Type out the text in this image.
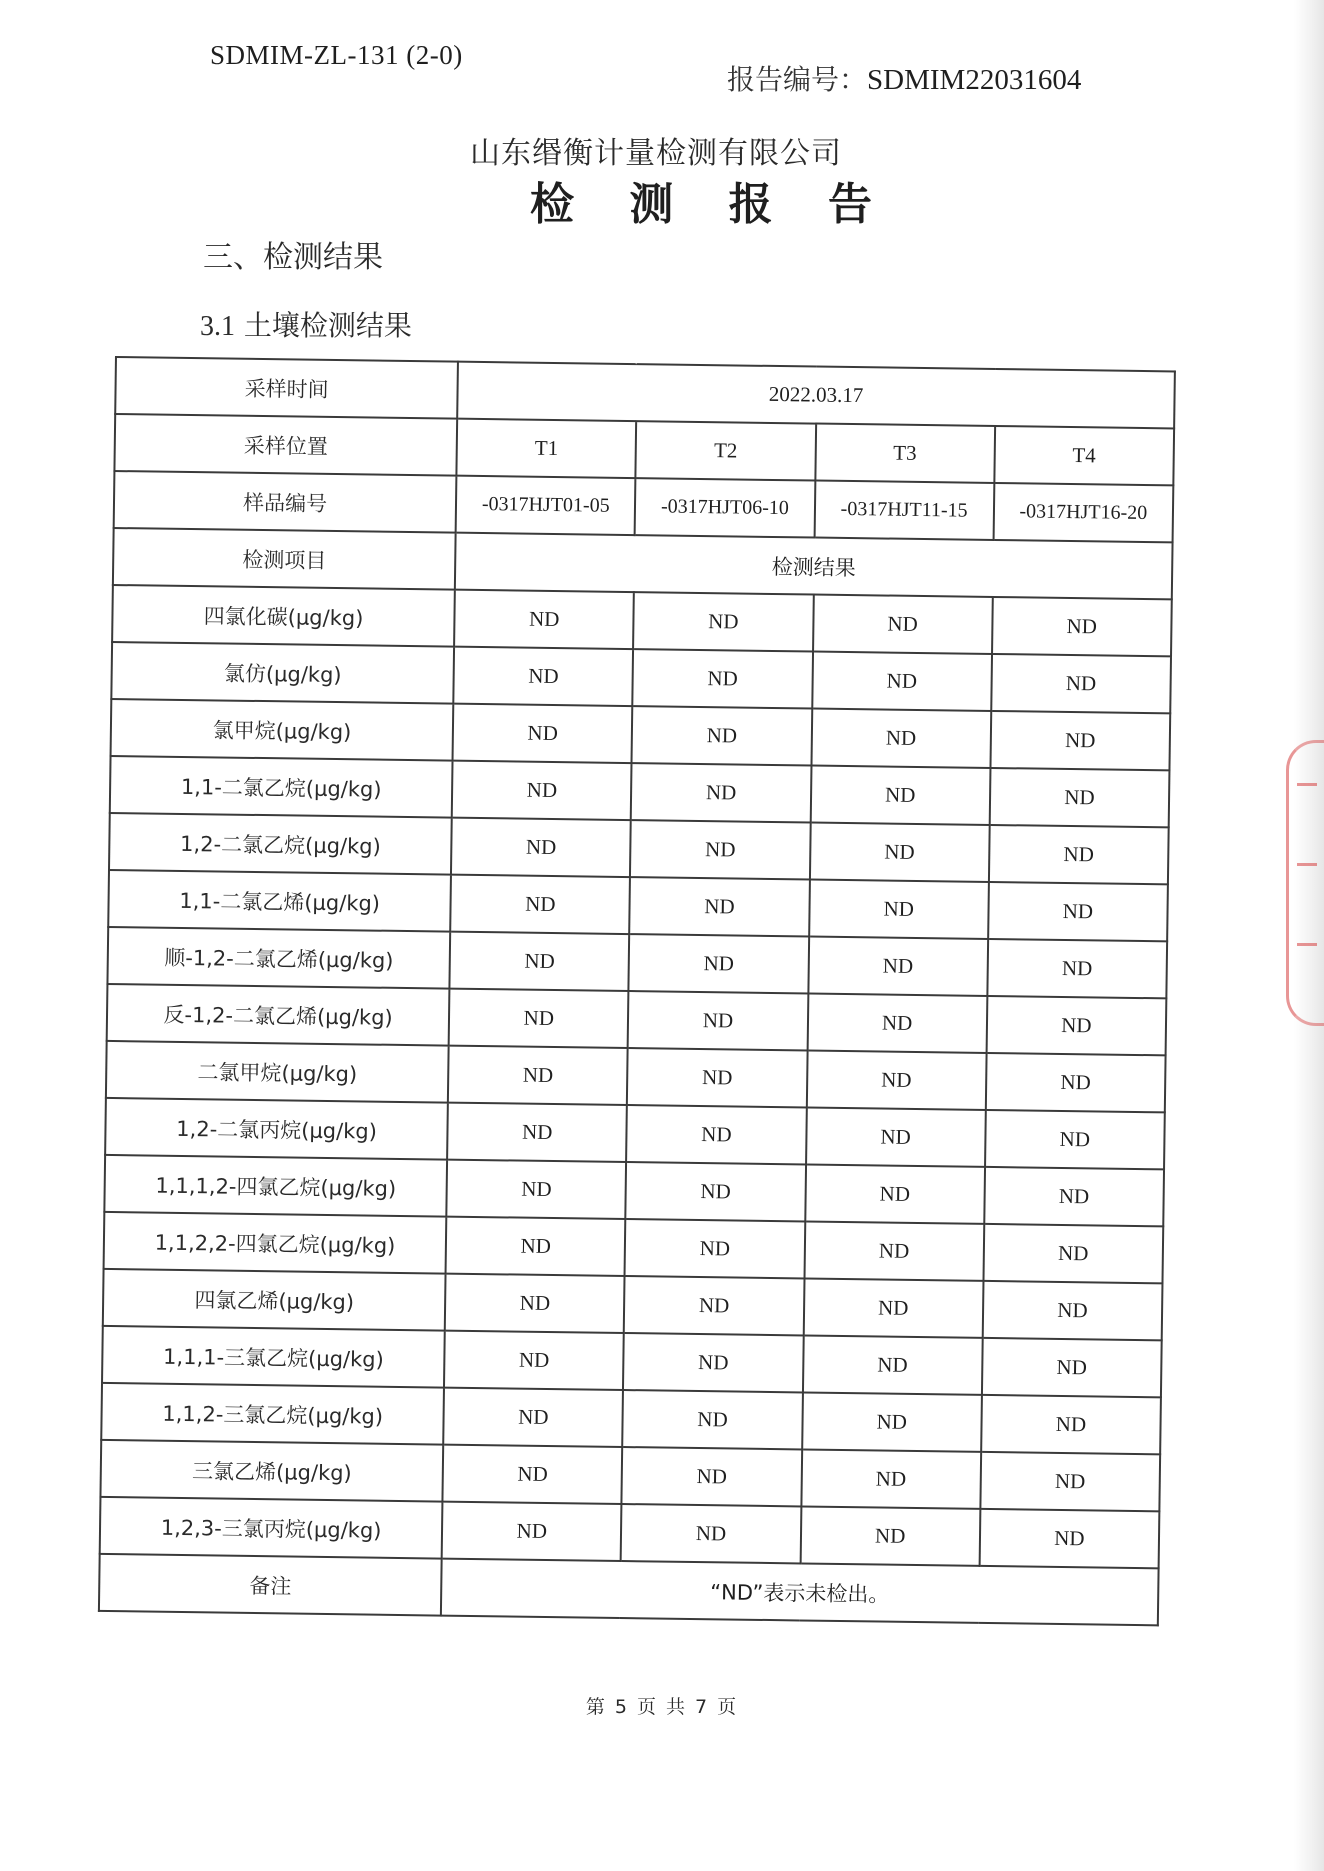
SDMIM-ZL-131 (2-0)
报告编号：SDMIM22031604
山东缗衡计量检测有限公司
检 测 报 告
三、检测结果
3.1 土壤检测结果
采样时间	2022.03.17			
采样位置	T1	T2	T3	T4
样品编号	-0317HJT01-05	-0317HJT06-10	-0317HJT11-15	-0317HJT16-20
检测项目	检测结果			
四氯化碳(μg/kg)	ND	ND	ND	ND
氯仿(μg/kg)	ND	ND	ND	ND
氯甲烷(μg/kg)	ND	ND	ND	ND
1,1-二氯乙烷(μg/kg)	ND	ND	ND	ND
1,2-二氯乙烷(μg/kg)	ND	ND	ND	ND
1,1-二氯乙烯(μg/kg)	ND	ND	ND	ND
顺-1,2-二氯乙烯(μg/kg)	ND	ND	ND	ND
反-1,2-二氯乙烯(μg/kg)	ND	ND	ND	ND
二氯甲烷(μg/kg)	ND	ND	ND	ND
1,2-二氯丙烷(μg/kg)	ND	ND	ND	ND
1,1,1,2-四氯乙烷(μg/kg)	ND	ND	ND	ND
1,1,2,2-四氯乙烷(μg/kg)	ND	ND	ND	ND
四氯乙烯(μg/kg)	ND	ND	ND	ND
1,1,1-三氯乙烷(μg/kg)	ND	ND	ND	ND
1,1,2-三氯乙烷(μg/kg)	ND	ND	ND	ND
三氯乙烯(μg/kg)	ND	ND	ND	ND
1,2,3-三氯丙烷(μg/kg)	ND	ND	ND	ND
备注	“ND”表示未检出。			
第 5 页 共 7 页
